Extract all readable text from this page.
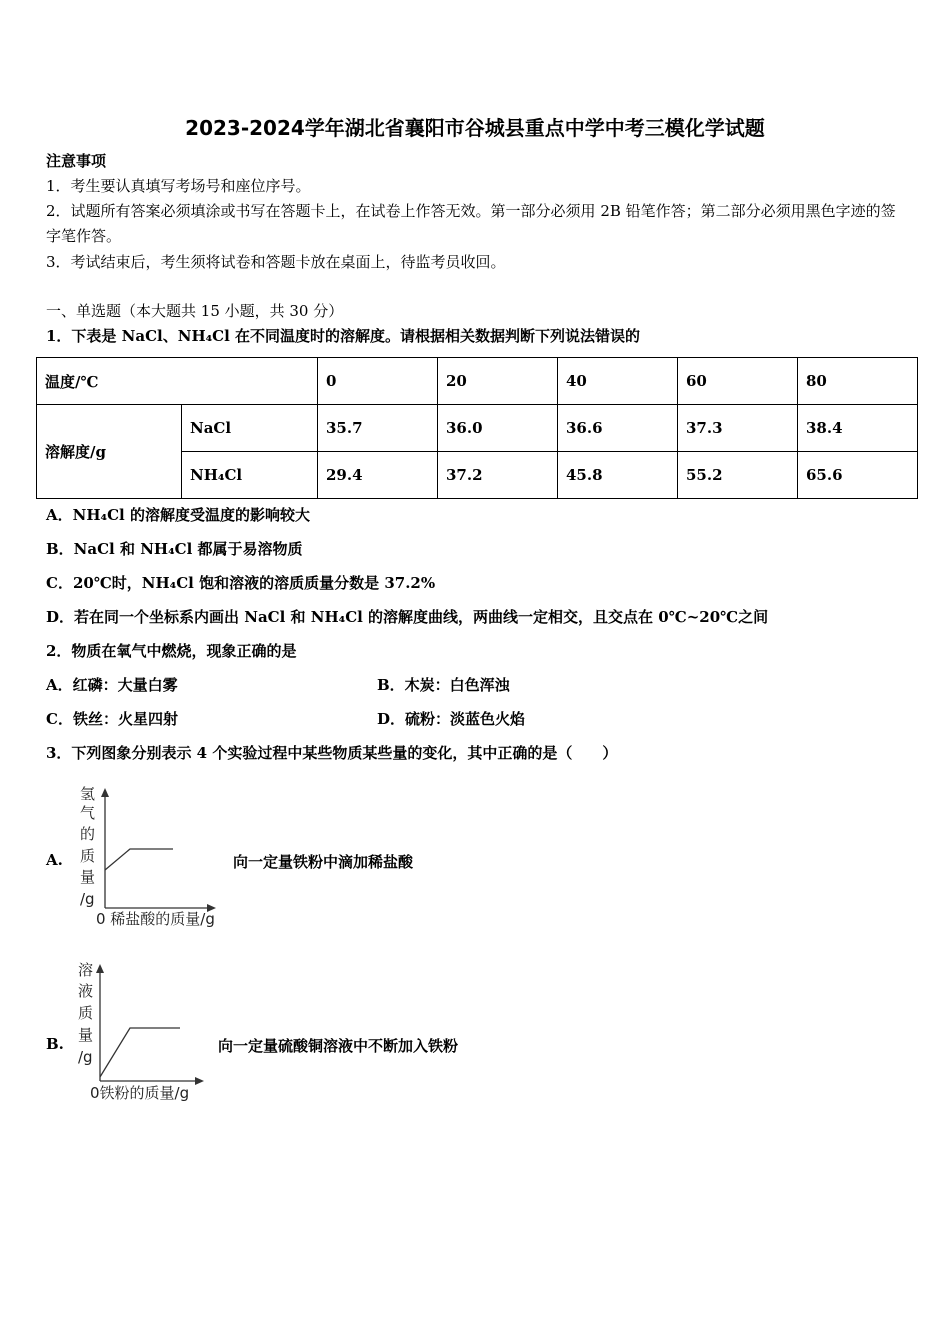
2023-2024学年湖北省襄阳市谷城县重点中学中考三模化学试题
注意事项
1．考生要认真填写考场号和座位序号。
2．试题所有答案必须填涂或书写在答题卡上，在试卷上作答无效。第一部分必须用 2B 铅笔作答；第二部分必须用黑色字迹的签字笔作答。
3．考试结束后，考生须将试卷和答题卡放在桌面上，待监考员收回。
一、单选题（本大题共 15 小题，共 30 分）
1．下表是 NaCl、NH₄Cl 在不同温度时的溶解度。请根据相关数据判断下列说法错误的
温度/℃		0	20	40	60	80
溶解度/g	NaCl	35.7	36.0	36.6	37.3	38.4
	NH₄Cl	29.4	37.2	45.8	55.2	65.6
A．NH₄Cl 的溶解度受温度的影响较大
B．NaCl 和 NH₄Cl 都属于易溶物质
C．20℃时，NH₄Cl 饱和溶液的溶质质量分数是 37.2%
D．若在同一个坐标系内画出 NaCl 和 NH₄Cl 的溶解度曲线，两曲线一定相交，且交点在 0℃~20℃之间
2．物质在氧气中燃烧，现象正确的是
A．红磷：大量白雾	B．木炭：白色浑浊
C．铁丝：火星四射	D．硫粉：淡蓝色火焰
3．下列图象分别表示 4 个实验过程中某些物质某些量的变化，其中正确的是（　　）
A.
氢
气
的
质
量
/g
0 稀盐酸的质量/g
向一定量铁粉中滴加稀盐酸
B.
溶
液
质
量
/g
0铁粉的质量/g
向一定量硫酸铜溶液中不断加入铁粉
